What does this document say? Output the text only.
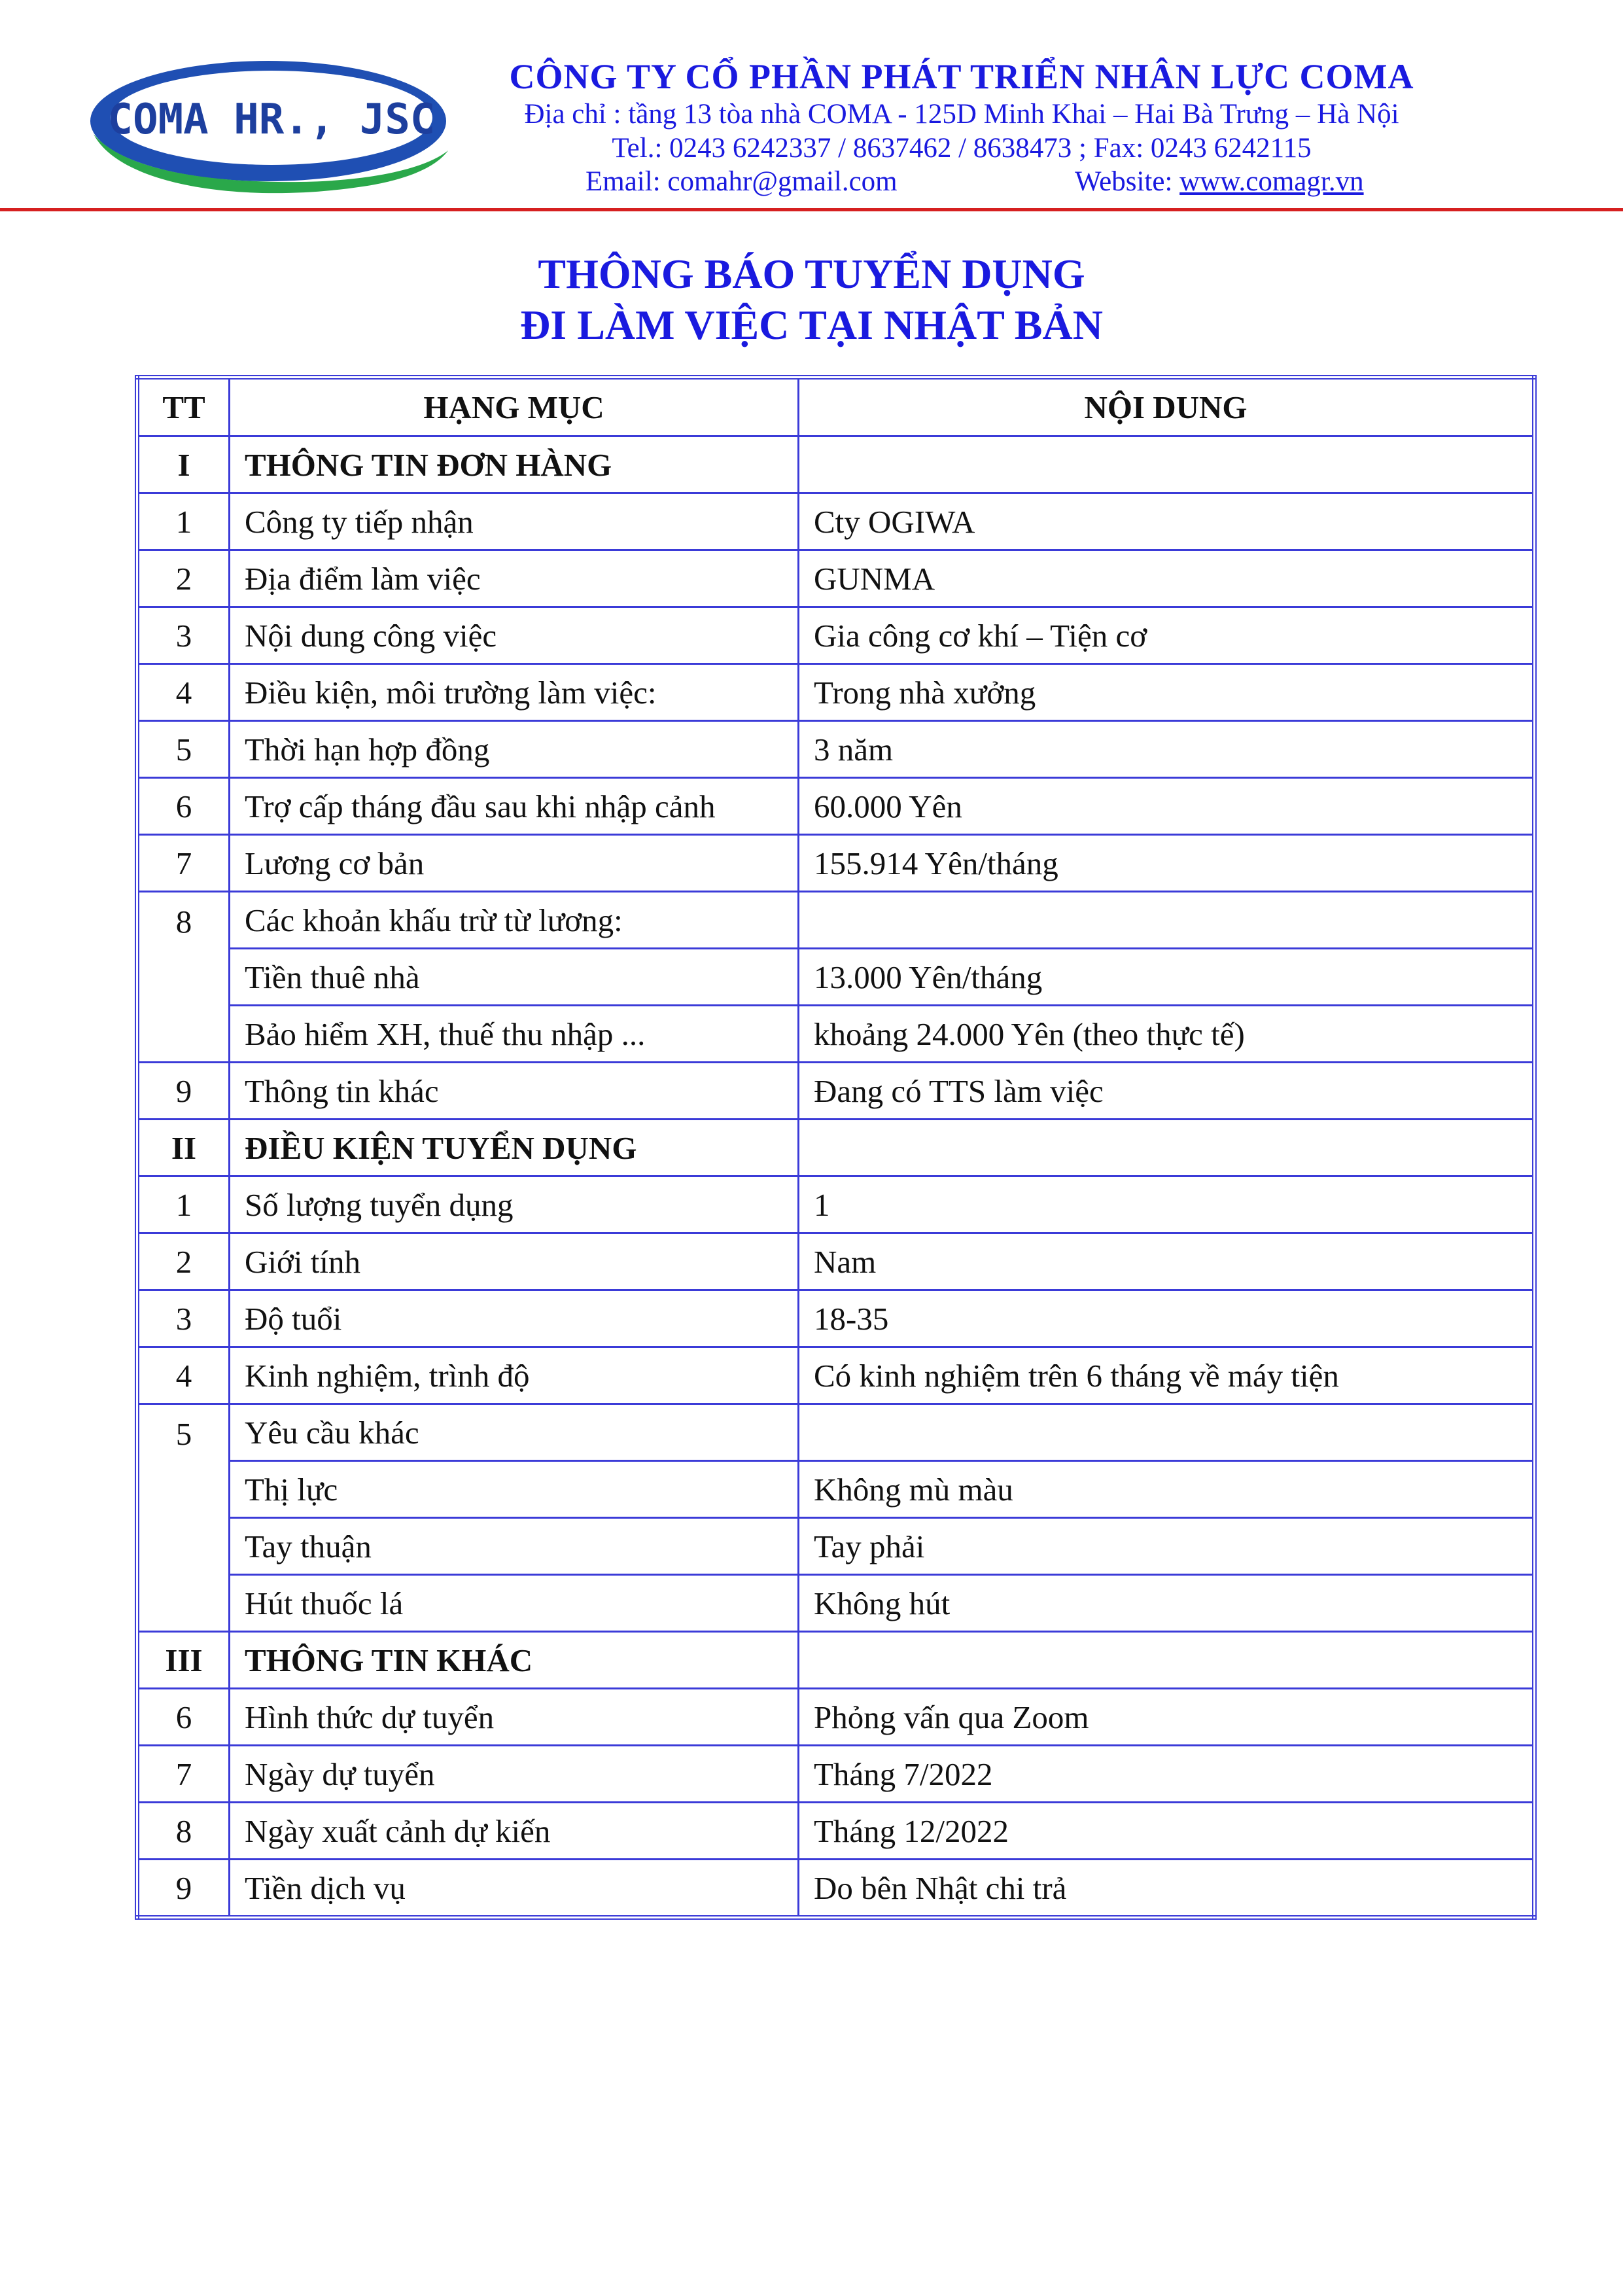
COMA HR., JSC
CÔNG TY CỔ PHẦN PHÁT TRIỂN NHÂN LỰC COMA
Địa chỉ : tầng 13 tòa nhà COMA - 125D Minh Khai – Hai Bà Trưng – Hà Nội
Tel.: 0243 6242337 / 8637462 / 8638473 ; Fax: 0243 6242115
Email: comahr@gmail.com	Website: www.comagr.vn
THÔNG BÁO TUYỂN DỤNG
ĐI LÀM VIỆC TẠI NHẬT BẢN
TT	HẠNG MỤC	NỘI DUNG
I	THÔNG TIN ĐƠN HÀNG	
1	Công ty tiếp nhận	Cty OGIWA
2	Địa điểm làm việc	GUNMA
3	Nội dung công việc	Gia công cơ khí – Tiện cơ
4	Điều kiện, môi trường làm việc:	Trong nhà xưởng
5	Thời hạn hợp đồng	3 năm
6	Trợ cấp tháng đầu sau khi nhập cảnh	60.000 Yên
7	Lương cơ bản	155.914 Yên/tháng
8	Các khoản khấu trừ từ lương:	
	Tiền thuê nhà	13.000 Yên/tháng
	Bảo hiểm XH, thuế thu nhập ...	khoảng 24.000 Yên (theo thực tế)
9	Thông tin khác	Đang có TTS làm việc
II	ĐIỀU KIỆN TUYỂN DỤNG	
1	Số lượng tuyển dụng	1
2	Giới tính	Nam
3	Độ tuổi	18-35
4	Kinh nghiệm, trình độ	Có kinh nghiệm trên 6 tháng về máy tiện
5	Yêu cầu khác	
	Thị lực	Không mù màu
	Tay thuận	Tay phải
	Hút thuốc lá	Không hút
III	THÔNG TIN KHÁC	
6	Hình thức dự tuyển	Phỏng vấn qua Zoom
7	Ngày dự tuyển	Tháng 7/2022
8	Ngày xuất cảnh dự kiến	Tháng 12/2022
9	Tiền dịch vụ	Do bên Nhật chi trả
